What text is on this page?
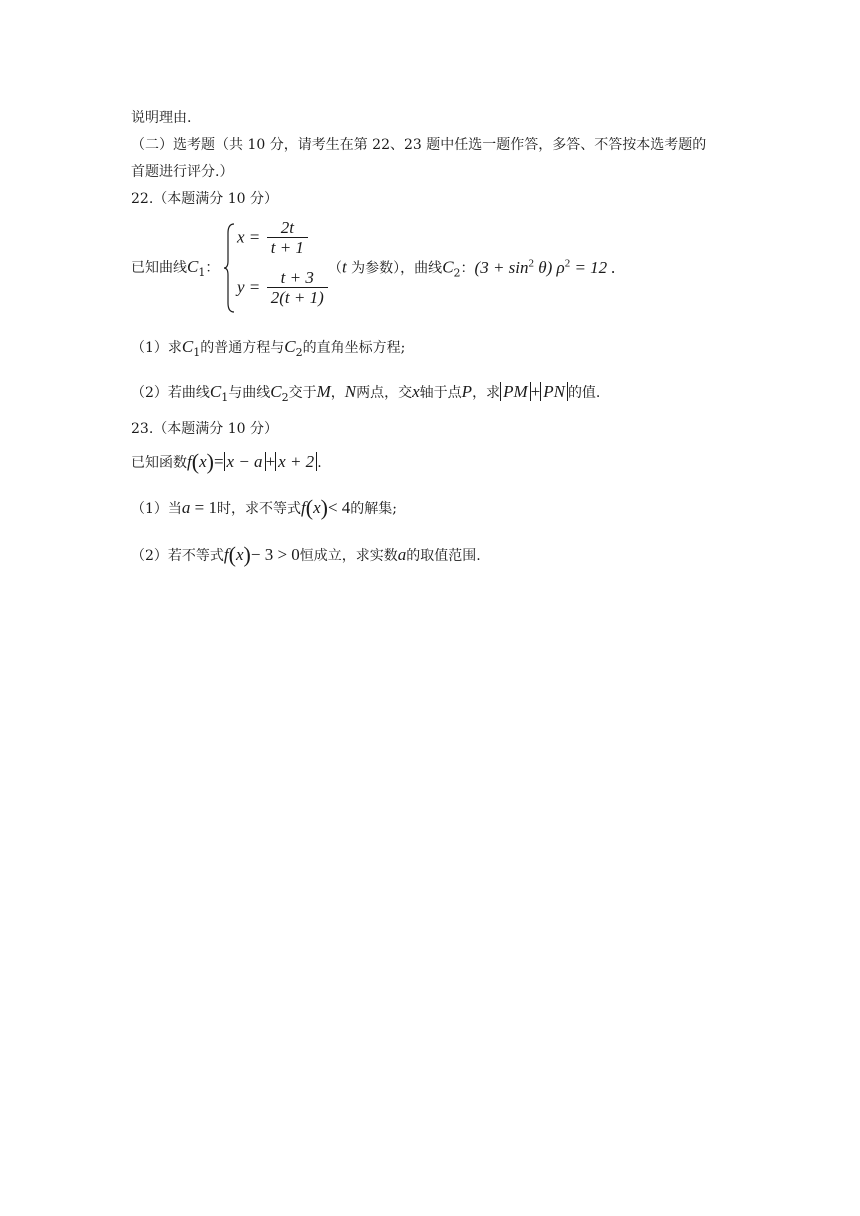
说明理由.
（二）选考题（共 10 分，请考生在第 22、23 题中任选一题作答，多答、不答按本选考题的
首题进行评分.）
22.（本题满分 10 分）
已知曲线$C_1$：
$x = \frac{2t}{t + 1}$
$y = \frac{t + 3}{2(t + 1)}$
（t 为参数），曲线$C_2$：$(3 + \sin^2 \theta)$ $\rho^2 = 12$ .
（1）求$C_1$的普通方程与$C_2$的直角坐标方程;
（2）若曲线$C_1$与曲线$C_2$交于M，N两点，交x轴于点P，求 PM + PN 的值.
23.（本题满分 10 分）
已知函数f(x)= x − a + x + 2 .
（1）当a = 1时，求不等式f(x)< 4的解集;
（2）若不等式f(x)− 3 > 0恒成立，求实数a的取值范围.
